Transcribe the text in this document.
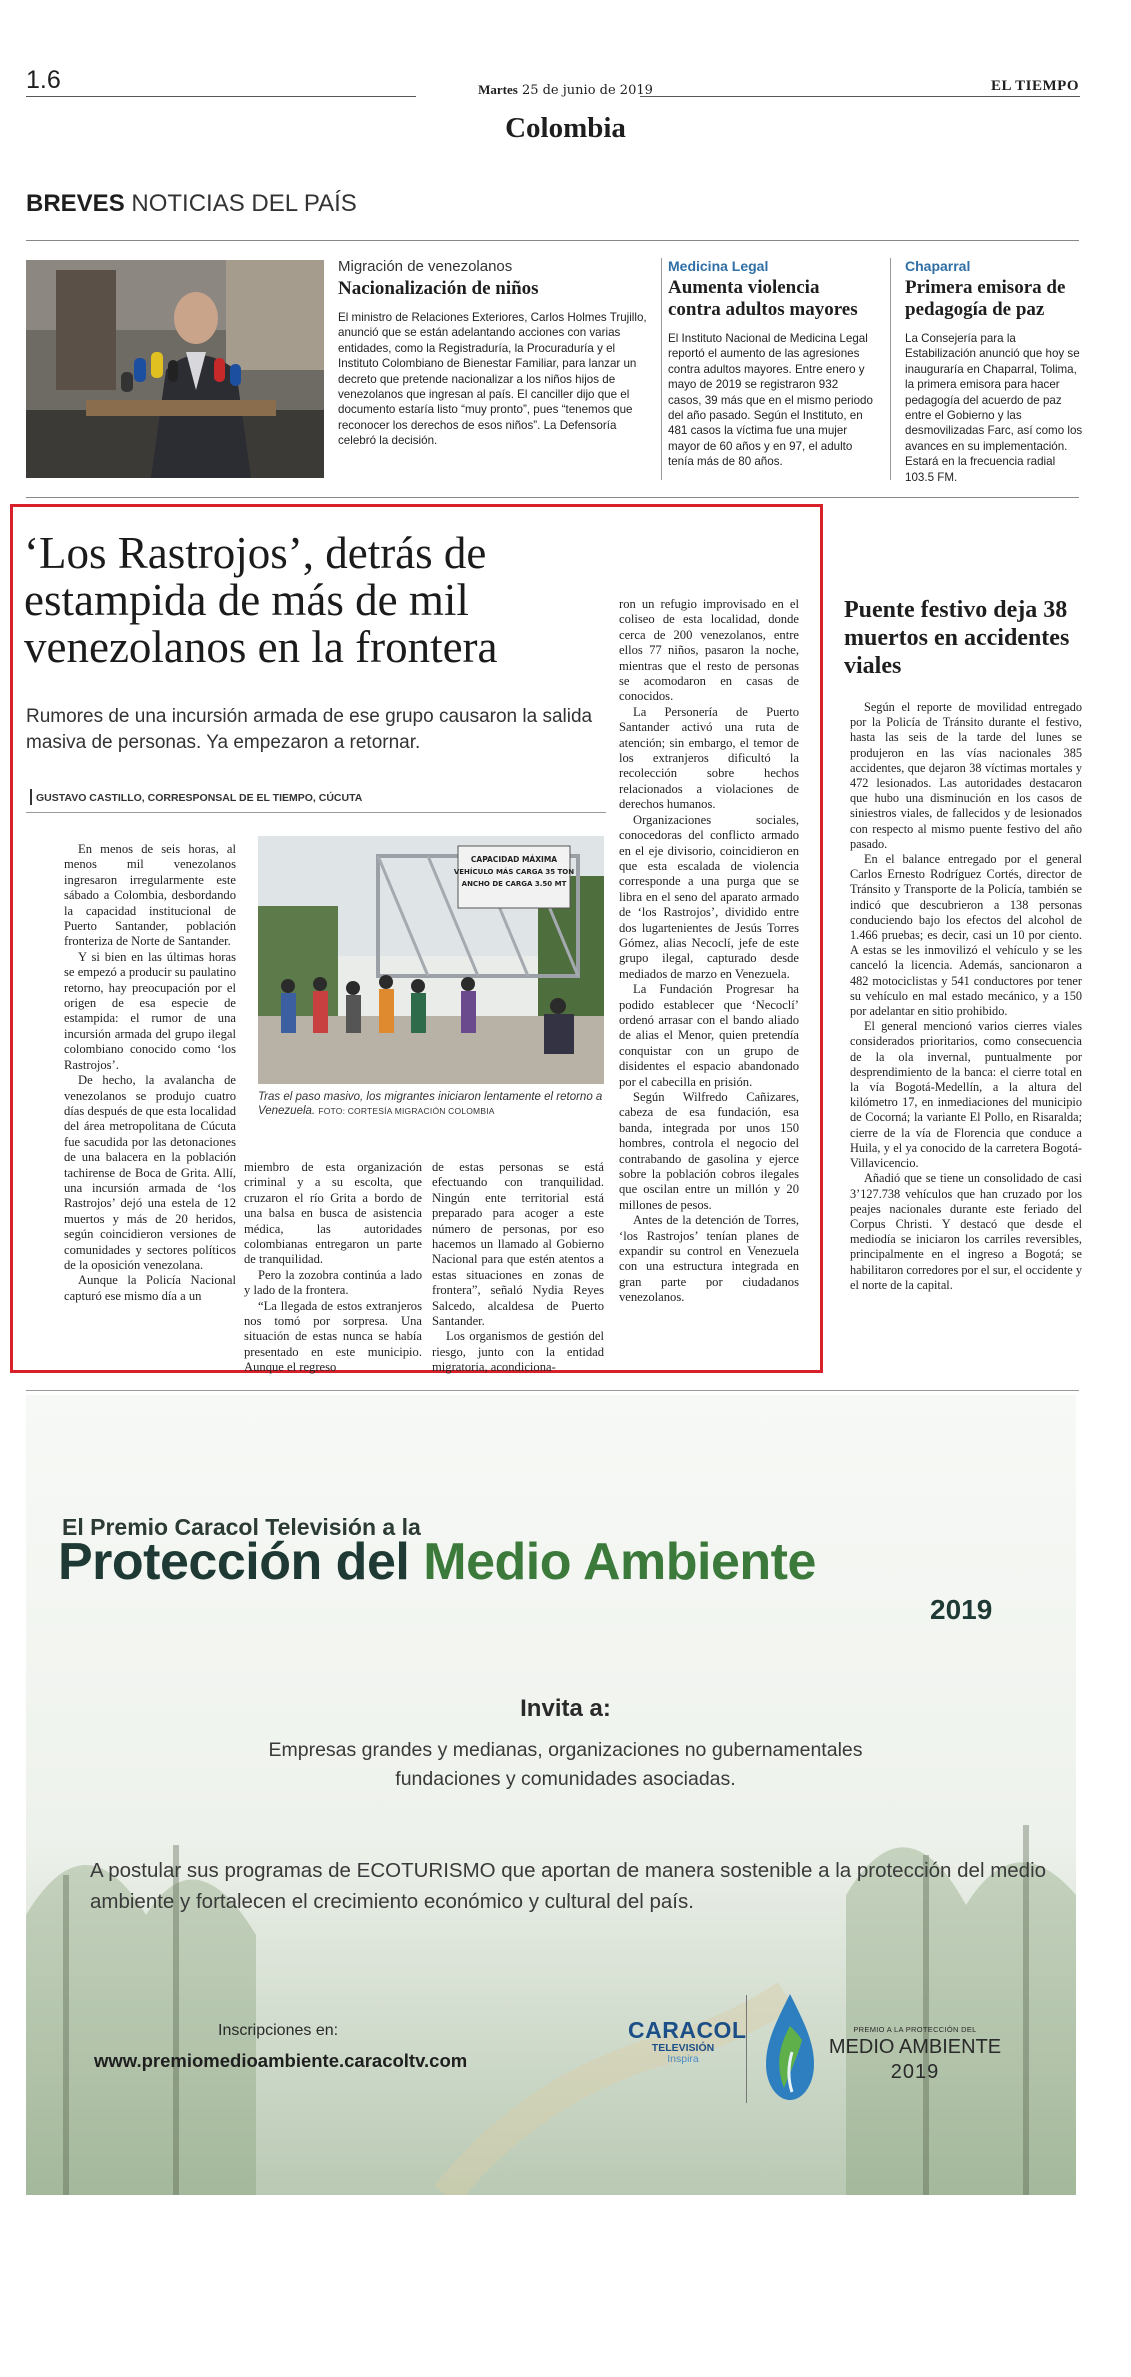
1.6	Martes 25 de junio de 2019	EL TIEMPO
Colombia
BREVES NOTICIAS DEL PAÍS
Migración de venezolanos
Nacionalización de niños
El ministro de Relaciones Exteriores, Carlos Holmes Trujillo, anunció que se están adelantando acciones con varias entidades, como la Registraduría, la Procuraduría y el Instituto Colombiano de Bienestar Familiar, para lanzar un decreto que pretende nacionalizar a los niños hijos de venezolanos que ingresan al país. El canciller dijo que el documento estaría listo “muy pronto”, pues “tenemos que reconocer los derechos de esos niños”. La Defensoría celebró la decisión.
Medicina Legal
Aumenta violencia contra adultos mayores
El Instituto Nacional de Medicina Legal reportó el aumento de las agresiones contra adultos mayores. Entre enero y mayo de 2019 se registraron 932 casos, 39 más que en el mismo periodo del año pasado. Según el Instituto, en 481 casos la víctima fue una mujer mayor de 60 años y en 97, el adulto tenía más de 80 años.
Chaparral
Primera emisora de pedagogía de paz
La Consejería para la Estabilización anunció que hoy se inauguraría en Chaparral, Tolima, la primera emisora para hacer pedagogía del acuerdo de paz entre el Gobierno y las desmovilizadas Farc, así como los avances en su implementación. Estará en la frecuencia radial 103.5 FM.
‘Los Rastrojos’, detrás de estampida de más de mil venezolanos en la frontera
Rumores de una incursión armada de ese grupo causaron la salida masiva de personas. Ya empezaron a retornar.
GUSTAVO CASTILLO, CORRESPONSAL DE EL TIEMPO, CÚCUTA

En menos de seis horas, al menos mil venezolanos ingresaron irregularmente este sábado a Colombia, desbordando la capacidad institucional de Puerto Santander, población fronteriza de Norte de Santander.

Y si bien en las últimas horas se empezó a producir su paulatino retorno, hay preocupación por el origen de esa especie de estampida: el rumor de una incursión armada del grupo ilegal colombiano conocido como ‘los Rastrojos’.

De hecho, la avalancha de venezolanos se produjo cuatro días después de que esta localidad del área metropolitana de Cúcuta fue sacudida por las detonaciones de una balacera en la población tachirense de Boca de Grita. Allí, una incursión armada de ‘los Rastrojos’ dejó una estela de 12 muertos y más de 20 heridos, según coincidieron versiones de comunidades y sectores políticos de la oposición venezolana.

Aunque la Policía Nacional capturó ese mismo día a un

CAPACIDAD MÁXIMA
VEHÍCULO MÁS CARGA 35 TON
ANCHO DE CARGA 3.50 MT
Tras el paso masivo, los migrantes iniciaron lentamente el retorno a Venezuela. FOTO: CORTESÍA MIGRACIÓN COLOMBIA

miembro de esta organización criminal y a su escolta, que cruzaron el río Grita a bordo de una balsa en busca de asistencia médica, las autoridades colombianas entregaron un parte de tranquilidad.

Pero la zozobra continúa a lado y lado de la frontera.

“La llegada de estos extranjeros nos tomó por sorpresa. Una situación de estas nunca se había presentado en este municipio. Aunque el regreso

de estas personas se está efectuando con tranquilidad. Ningún ente territorial está preparado para acoger a este número de personas, por eso hacemos un llamado al Gobierno Nacional para que estén atentos a estas situaciones en zonas de frontera”, señaló Nydia Reyes Salcedo, alcaldesa de Puerto Santander.

Los organismos de gestión del riesgo, junto con la entidad migratoria, acondiciona-

ron un refugio improvisado en el coliseo de esta localidad, donde cerca de 200 venezolanos, entre ellos 77 niños, pasaron la noche, mientras que el resto de personas se acomodaron en casas de conocidos.

La Personería de Puerto Santander activó una ruta de atención; sin embargo, el temor de los extranjeros dificultó la recolección sobre hechos relacionados a violaciones de derechos humanos.

Organizaciones sociales, conocedoras del conflicto armado en el eje divisorio, coincidieron en que esta escalada de violencia corresponde a una purga que se libra en el seno del aparato armado de ‘los Rastrojos’, dividido entre dos lugartenientes de Jesús Torres Gómez, alias Necoclí, jefe de este grupo ilegal, capturado desde mediados de marzo en Venezuela.

La Fundación Progresar ha podido establecer que ‘Necoclí’ ordenó arrasar con el bando aliado de alias el Menor, quien pretendía conquistar con un grupo de disidentes el espacio abandonado por el cabecilla en prisión.

Según Wilfredo Cañizares, cabeza de esa fundación, esa banda, integrada por unos 150 hombres, controla el negocio del contrabando de gasolina y ejerce sobre la población cobros ilegales que oscilan entre un millón y 20 millones de pesos.

Antes de la detención de Torres, ‘los Rastrojos’ tenían planes de expandir su control en Venezuela con una estructura integrada en gran parte por ciudadanos venezolanos.

Puente festivo deja 38 muertos en accidentes viales

Según el reporte de movilidad entregado por la Policía de Tránsito durante el festivo, hasta las seis de la tarde del lunes se produjeron en las vías nacionales 385 accidentes, que dejaron 38 víctimas mortales y 472 lesionados. Las autoridades destacaron que hubo una disminución en los casos de siniestros viales, de fallecidos y de lesionados con respecto al mismo puente festivo del año pasado.

En el balance entregado por el general Carlos Ernesto Rodríguez Cortés, director de Tránsito y Transporte de la Policía, también se indicó que descubrieron a 138 personas conduciendo bajo los efectos del alcohol de 1.466 pruebas; es decir, casi un 10 por ciento. A estas se les inmovilizó el vehículo y se les canceló la licencia. Además, sancionaron a 482 motociclistas y 541 conductores por tener su vehículo en mal estado mecánico, y a 150 por adelantar en sitio prohibido.

El general mencionó varios cierres viales considerados prioritarios, como consecuencia de la ola invernal, puntualmente por desprendimiento de la banca: el cierre total en la vía Bogotá-Medellín, a la altura del kilómetro 17, en inmediaciones del municipio de Cocorná; la variante El Pollo, en Risaralda; cierre de la vía de Florencia que conduce a Huila, y el ya conocido de la carretera Bogotá-Villavicencio.

Añadió que se tiene un consolidado de casi 3’127.738 vehículos que han cruzado por los peajes nacionales durante este feriado del Corpus Christi. Y destacó que desde el mediodía se iniciaron los carriles reversibles, principalmente en el ingreso a Bogotá; se habilitaron corredores por el sur, el occidente y el norte de la capital.

El Premio Caracol Televisión a la
Protección del Medio Ambiente
2019
Invita a:
Empresas grandes y medianas, organizaciones no gubernamentales
fundaciones y comunidades asociadas.
A postular sus programas de ECOTURISMO que aportan de manera sostenible a la protección del medio ambiente y fortalecen el crecimiento económico y cultural del país.
Inscripciones en:
www.premiomedioambiente.caracoltv.com
CARACOL
TELEVISIÓN
Inspira
PREMIO A LA PROTECCIÓN DEL
MEDIO AMBIENTE
2019
